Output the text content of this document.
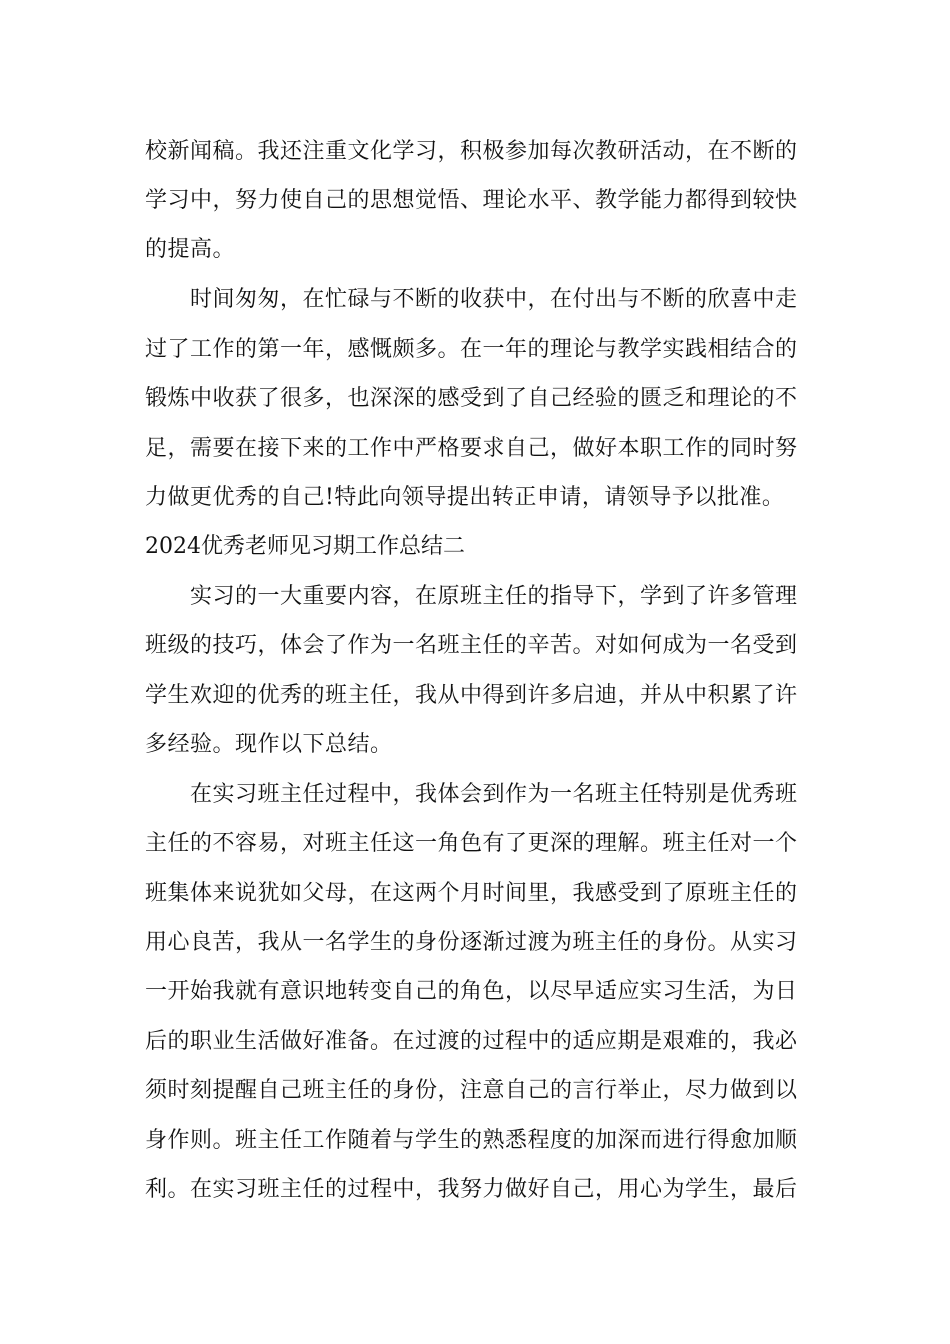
校新闻稿。我还注重文化学习，积极参加每次教研活动，在不断的
学习中，努力使自己的思想觉悟、理论水平、教学能力都得到较快
的提高。
时间匆匆，在忙碌与不断的收获中，在付出与不断的欣喜中走
过了工作的第一年，感慨颇多。在一年的理论与教学实践相结合的
锻炼中收获了很多，也深深的感受到了自己经验的匮乏和理论的不
足，需要在接下来的工作中严格要求自己，做好本职工作的同时努
力做更优秀的自己!特此向领导提出转正申请，请领导予以批准。
2024优秀老师见习期工作总结二
实习的一大重要内容，在原班主任的指导下，学到了许多管理
班级的技巧，体会了作为一名班主任的辛苦。对如何成为一名受到
学生欢迎的优秀的班主任，我从中得到许多启迪，并从中积累了许
多经验。现作以下总结。
在实习班主任过程中，我体会到作为一名班主任特别是优秀班
主任的不容易，对班主任这一角色有了更深的理解。班主任对一个
班集体来说犹如父母，在这两个月时间里，我感受到了原班主任的
用心良苦，我从一名学生的身份逐渐过渡为班主任的身份。从实习
一开始我就有意识地转变自己的角色，以尽早适应实习生活，为日
后的职业生活做好准备。在过渡的过程中的适应期是艰难的，我必
须时刻提醒自己班主任的身份，注意自己的言行举止，尽力做到以
身作则。班主任工作随着与学生的熟悉程度的加深而进行得愈加顺
利。在实习班主任的过程中，我努力做好自己，用心为学生，最后
